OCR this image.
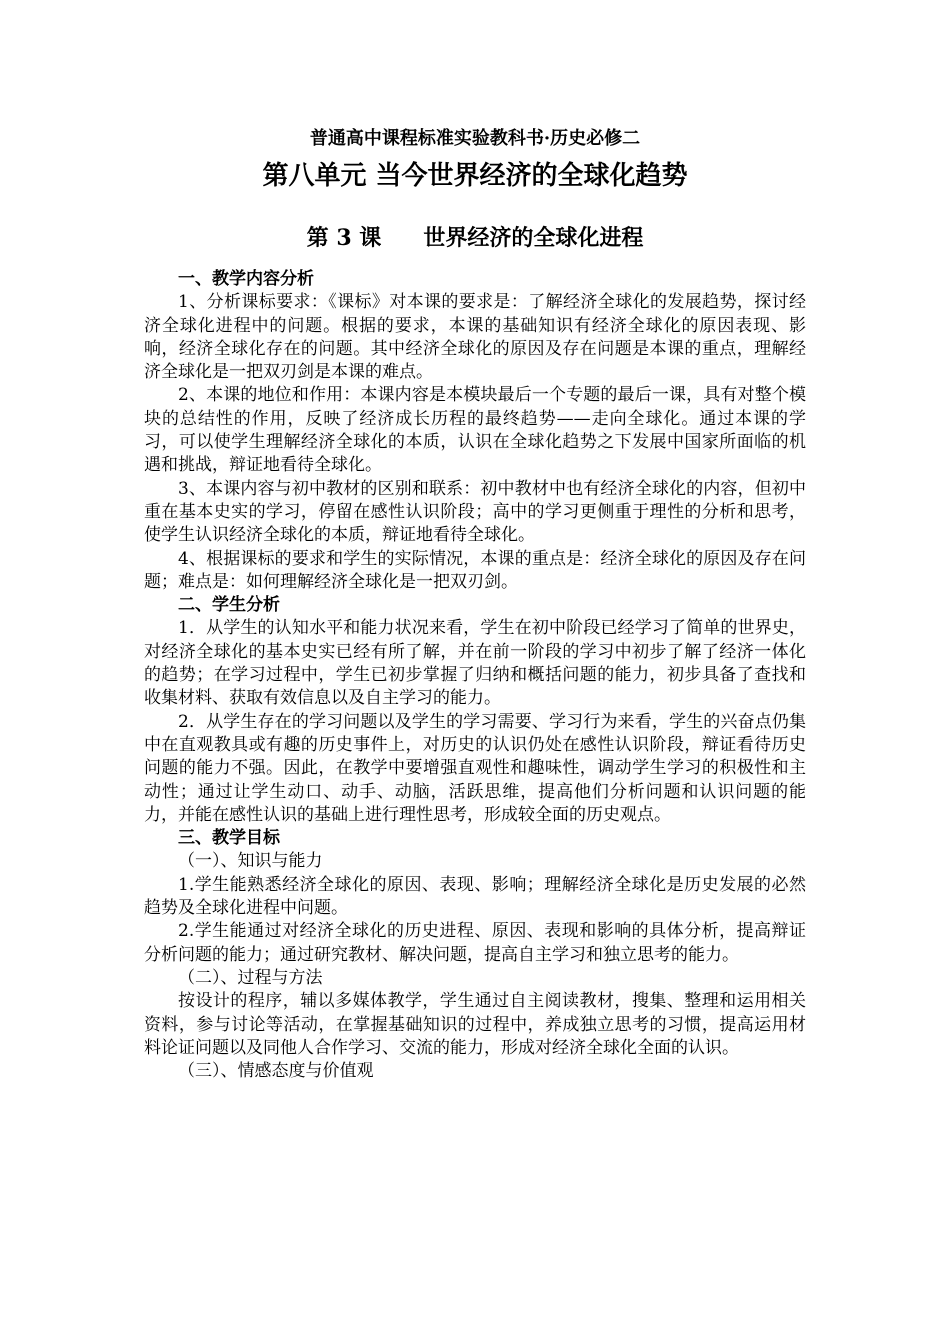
普通高中课程标准实验教科书·历史必修二
第八单元 当今世界经济的全球化趋势
第 3 课 世界经济的全球化进程
一、教学内容分析

1、分析课标要求：《课标》对本课的要求是：了解经济全球化的发展趋势，探讨经济全球化进程中的问题。根据的要求，本课的基础知识有经济全球化的原因表现、影响，经济全球化存在的问题。其中经济全球化的原因及存在问题是本课的重点，理解经济全球化是一把双刃剑是本课的难点。

2、本课的地位和作用：本课内容是本模块最后一个专题的最后一课，具有对整个模块的总结性的作用，反映了经济成长历程的最终趋势——走向全球化。通过本课的学习，可以使学生理解经济全球化的本质，认识在全球化趋势之下发展中国家所面临的机遇和挑战，辩证地看待全球化。

3、本课内容与初中教材的区别和联系：初中教材中也有经济全球化的内容，但初中重在基本史实的学习，停留在感性认识阶段；高中的学习更侧重于理性的分析和思考，使学生认识经济全球化的本质，辩证地看待全球化。

4、根据课标的要求和学生的实际情况，本课的重点是：经济全球化的原因及存在问题；难点是：如何理解经济全球化是一把双刃剑。

二、学生分析

1．从学生的认知水平和能力状况来看，学生在初中阶段已经学习了简单的世界史，对经济全球化的基本史实已经有所了解，并在前一阶段的学习中初步了解了经济一体化的趋势；在学习过程中，学生已初步掌握了归纳和概括问题的能力，初步具备了查找和收集材料、获取有效信息以及自主学习的能力。

2．从学生存在的学习问题以及学生的学习需要、学习行为来看，学生的兴奋点仍集中在直观教具或有趣的历史事件上，对历史的认识仍处在感性认识阶段，辩证看待历史问题的能力不强。因此，在教学中要增强直观性和趣味性，调动学生学习的积极性和主动性；通过让学生动口、动手、动脑，活跃思维，提高他们分析问题和认识问题的能力，并能在感性认识的基础上进行理性思考，形成较全面的历史观点。

三、教学目标
（一）、知识与能力

1.学生能熟悉经济全球化的原因、表现、影响；理解经济全球化是历史发展的必然趋势及全球化进程中问题。

2.学生能通过对经济全球化的历史进程、原因、表现和影响的具体分析，提高辩证分析问题的能力；通过研究教材、解决问题，提高自主学习和独立思考的能力。

（二）、过程与方法

按设计的程序，辅以多媒体教学，学生通过自主阅读教材，搜集、整理和运用相关资料，参与讨论等活动，在掌握基础知识的过程中，养成独立思考的习惯，提高运用材料论证问题以及同他人合作学习、交流的能力，形成对经济全球化全面的认识。

（三）、情感态度与价值观
